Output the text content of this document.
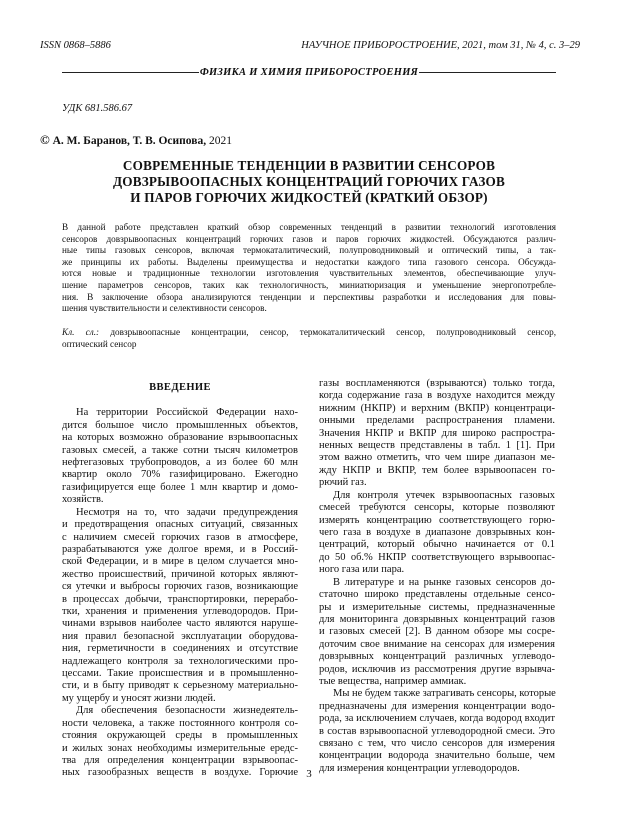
ISSN 0868–5886	НАУЧНОЕ ПРИБОРОСТРОЕНИЕ, 2021, том 31, № 4, с. 3–29
ФИЗИКА И ХИМИЯ ПРИБОРОСТРОЕНИЯ
УДК 681.586.67
© А. М. Баранов, Т. В. Осипова, 2021
СОВРЕМЕННЫЕ ТЕНДЕНЦИИ В РАЗВИТИИ СЕНСОРОВ
ДОВЗРЫВООПАСНЫХ КОНЦЕНТРАЦИЙ ГОРЮЧИХ ГАЗОВ
И ПАРОВ ГОРЮЧИХ ЖИДКОСТЕЙ (КРАТКИЙ ОБЗОР)
В данной работе представлен краткий обзор современных тенденций в развитии технологий изготовления
сенсоров довзрывоопасных концентраций горючих газов и паров горючих жидкостей. Обсуждаются различ-
ные типы газовых сенсоров, включая термокаталитический, полупроводниковый и оптический типы, а так-
же принципы их работы. Выделены преимущества и недостатки каждого типа газового сенсора. Обсужда-
ются новые и традиционные технологии изготовления чувствительных элементов, обеспечивающие улуч-
шение параметров сенсоров, таких как технологичность, миниатюризация и уменьшение энергопотребле-
ния. В заключение обзора анализируются тенденции и перспективы разработки и исследования для повы-
шения чувствительности и селективности сенсоров.
Кл. сл.: довзрывоопасные концентрации, сенсор, термокаталитический сенсор, полупроводниковый сенсор,
оптический сенсор
ВВЕДЕНИЕ

На территории Российской Федерации нахо-
дится большое число промышленных объектов,
на которых возможно образование взрывоопасных
газовых смесей, а также сотни тысяч километров
нефтегазовых трубопроводов, а из более 60 млн
квартир около 70% газифицировано. Ежегодно
газифицируется еще более 1 млн квартир и домо-
хозяйств.

Несмотря на то, что задачи предупреждения
и предотвращения опасных ситуаций, связанных
с наличием смесей горючих газов в атмосфере,
разрабатываются уже долгое время, и в Россий-
ской Федерации, и в мире в целом случается мно-
жество происшествий, причиной которых являют-
ся утечки и выбросы горючих газов, возникающие
в процессах добычи, транспортировки, перерабо-
тки, хранения и применения углеводородов. При-
чинами взрывов наиболее часто являются наруше-
ния правил безопасной эксплуатации оборудова-
ния, герметичности в соединениях и отсутствие
надлежащего контроля за технологическими про-
цессами. Такие происшествия и в промышленно-
сти, и в быту приводят к серьезному материально-
му ущербу и уносят жизни людей.

Для обеспечения безопасности жизнедеятель-
ности человека, а также постоянного контроля со-
стояния окружающей среды в промышленных
и жилых зонах необходимы измерительные ередс-
тва для определения концентрации взрывоопас-
ных газообразных веществ в воздухе. Горючие

газы воспламеняются (взрываются) только тогда,
когда содержание газа в воздухе находится между
нижним (НКПР) и верхним (ВКПР) концентраци-
онными пределами распространения пламени.
Значения НКПР и ВКПР для широко распростра-
ненных веществ представлены в табл. 1 [1]. При
этом важно отметить, что чем шире диапазон ме-
жду НКПР и ВКПР, тем более взрывоопасен го-
рючий газ.

Для контроля утечек взрывоопасных газовых
смесей требуются сенсоры, которые позволяют
измерять концентрацию соответствующего горю-
чего газа в воздухе в диапазоне довзрывных кон-
центраций, который обычно начинается от 0.1
до 50 об.% НКПР соответствующего взрывоопас-
ного газа или пара.

В литературе и на рынке газовых сенсоров до-
статочно широко представлены отдельные сенсо-
ры и измерительные системы, предназначенные
для мониторинга довзрывных концентраций газов
и газовых смесей [2]. В данном обзоре мы сосре-
доточим свое внимание на сенсорах для измерения
довзрывных концентраций различных углеводо-
родов, исключив из рассмотрения другие взрывча-
тые вещества, например аммиак.

Мы не будем также затрагивать сенсоры, которые
предназначены для измерения концентрации водо-
рода, за исключением случаев, когда водород входит
в состав взрывоопасной углеводородной смеси. Это
связано с тем, что число сенсоров для измерения
концентрации водорода значительно больше, чем
для измерения концентрации углеводородов.

3
